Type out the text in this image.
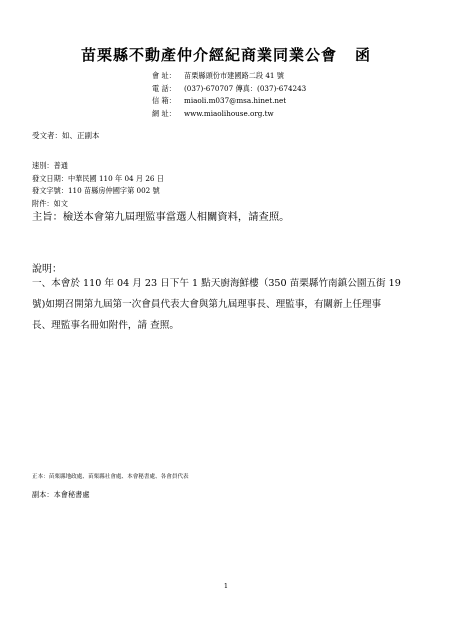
苗栗縣不動產仲介經紀商業同業公會 函
會 址： 苗栗縣頭份市建國路二段 41 號
電 話： (037)-670707 傳真：(037)-674243
信 箱： miaoli.m037@msa.hinet.net
網 址： www.miaolihouse.org.tw
受文者：如、正副本
速別：普通
發文日期：中華民國 110 年 04 月 26 日
發文字號：110 苗縣房仲國字第 002 號
附件：如文
主旨：檢送本會第九屆理監事當選人相關資料，請查照。
說明：
一、本會於 110 年 04 月 23 日下午 1 點天廚海鮮樓（350 苗栗縣竹南鎮公園五街 19
號)如期召開第九屆第一次會員代表大會與第九屆理事長、理監事，有關新上任理事
長、理監事名冊如附件，請 查照。
正本：苗栗縣地政處、苗栗縣社會處、本會秘書處、各會員代表
副本：本會秘書處
1
